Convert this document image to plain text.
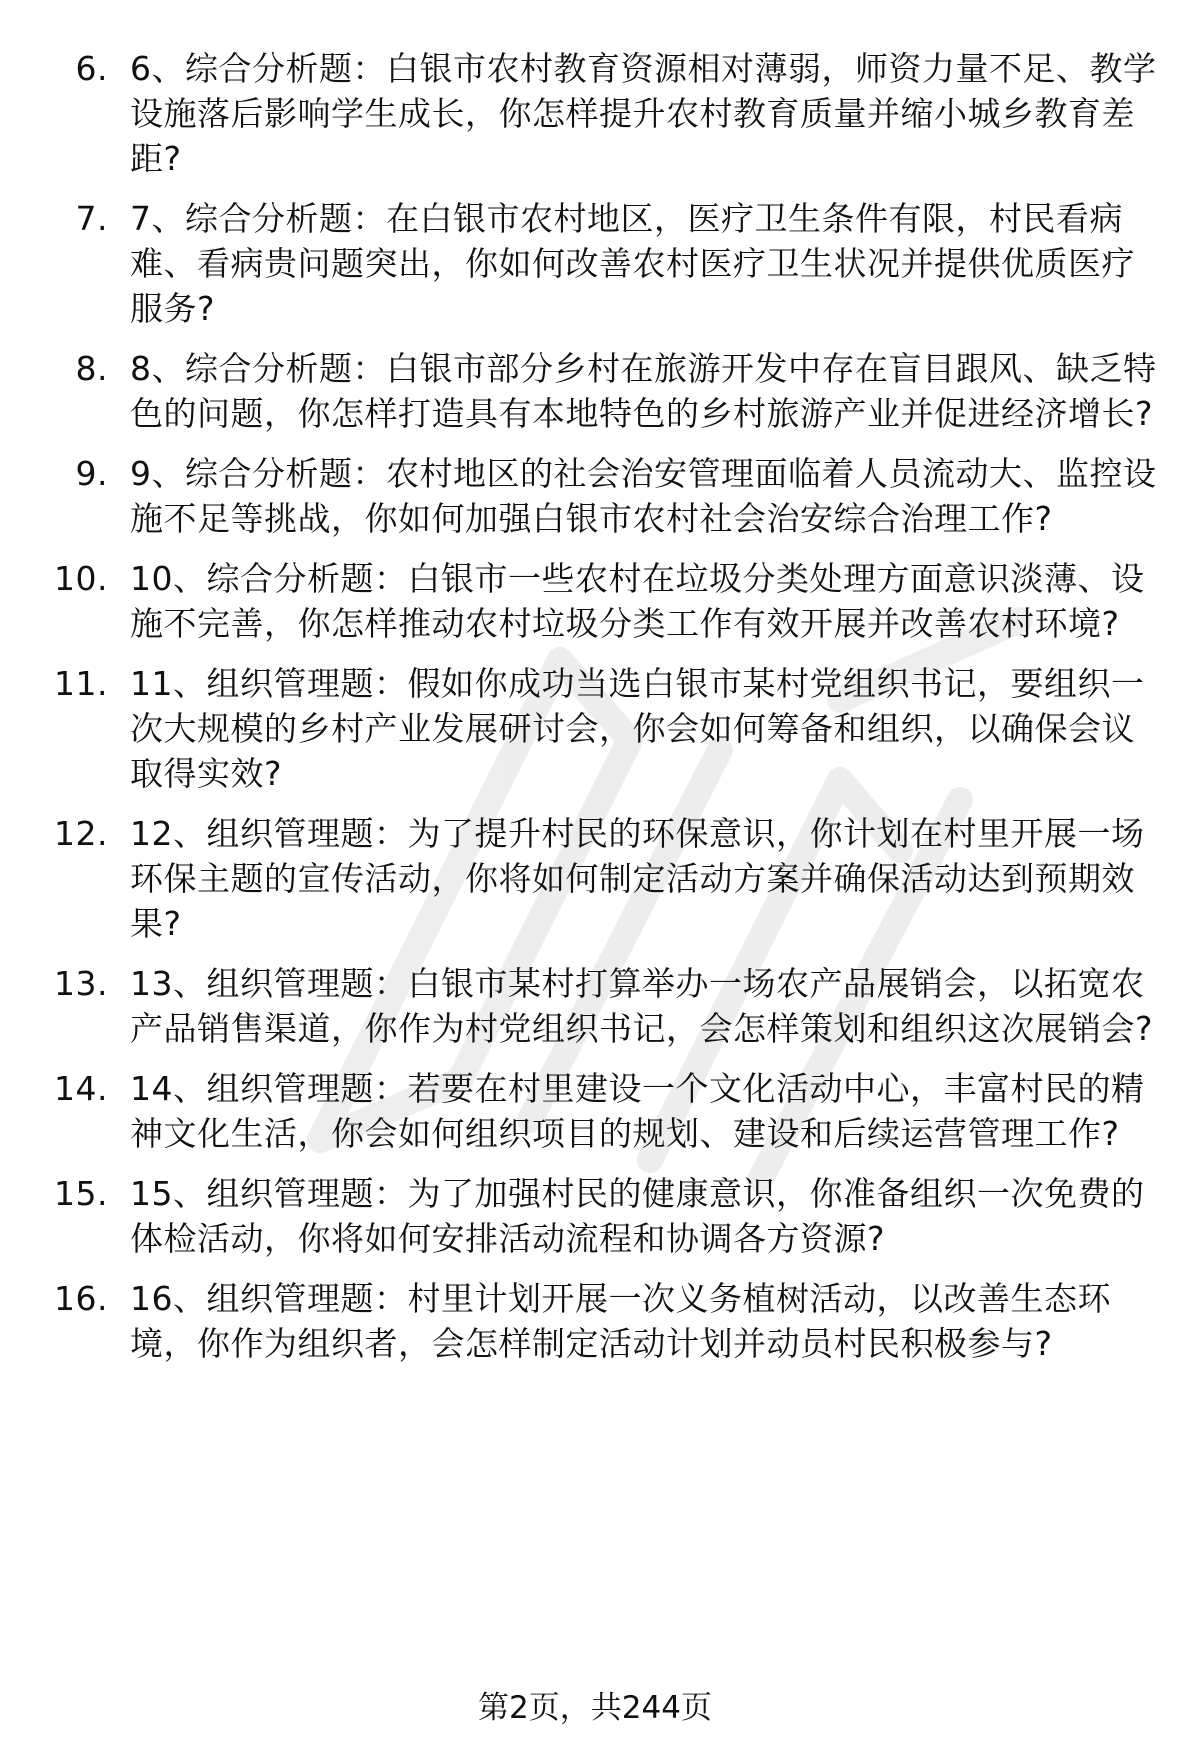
6. 6、综合分析题：白银市农村教育资源相对薄弱，师资力量不足、教学设施落后影响学生成长，你怎样提升农村教育质量并缩小城乡教育差距?
7. 7、综合分析题：在白银市农村地区，医疗卫生条件有限，村民看病难、看病贵问题突出，你如何改善农村医疗卫生状况并提供优质医疗服务?
8. 8、综合分析题：白银市部分乡村在旅游开发中存在盲目跟风、缺乏特色的问题，你怎样打造具有本地特色的乡村旅游产业并促进经济增长?
9. 9、综合分析题：农村地区的社会治安管理面临着人员流动大、监控设施不足等挑战，你如何加强白银市农村社会治安综合治理工作?
10. 10、综合分析题：白银市一些农村在垃圾分类处理方面意识淡薄、设施不完善，你怎样推动农村垃圾分类工作有效开展并改善农村环境?
11. 11、组织管理题：假如你成功当选白银市某村党组织书记，要组织一次大规模的乡村产业发展研讨会，你会如何筹备和组织，以确保会议取得实效?
12. 12、组织管理题：为了提升村民的环保意识，你计划在村里开展一场环保主题的宣传活动，你将如何制定活动方案并确保活动达到预期效果?
13. 13、组织管理题：白银市某村打算举办一场农产品展销会，以拓宽农产品销售渠道，你作为村党组织书记，会怎样策划和组织这次展销会?
14. 14、组织管理题：若要在村里建设一个文化活动中心，丰富村民的精神文化生活，你会如何组织项目的规划、建设和后续运营管理工作?
15. 15、组织管理题：为了加强村民的健康意识，你准备组织一次免费的体检活动，你将如何安排活动流程和协调各方资源?
16. 16、组织管理题：村里计划开展一次义务植树活动，以改善生态环境，你作为组织者，会怎样制定活动计划并动员村民积极参与?
第2页，共244页
